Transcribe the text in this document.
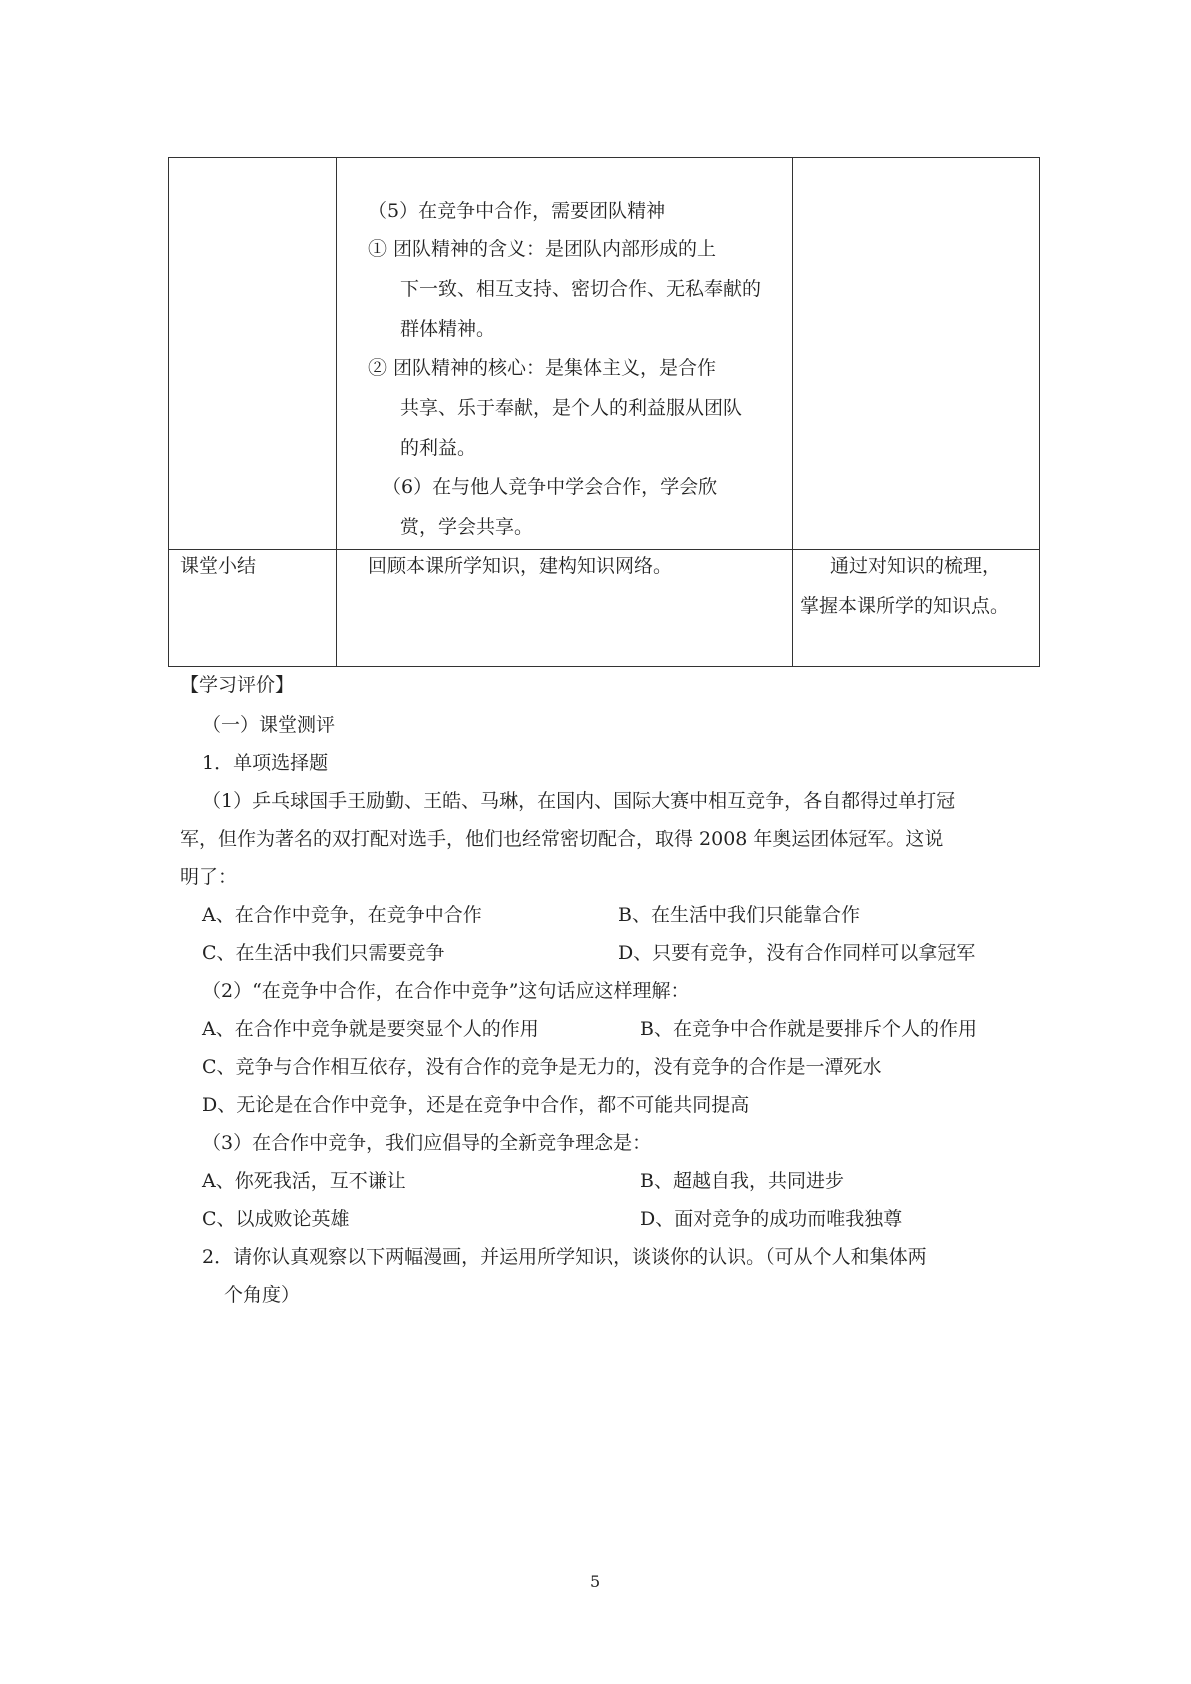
（5）在竞争中合作，需要团队精神
① 团队精神的含义：是团队内部形成的上
下一致、相互支持、密切合作、无私奉献的
群体精神。
② 团队精神的核心：是集体主义，是合作
共享、乐于奉献，是个人的利益服从团队
的利益。
（6）在与他人竞争中学会合作，学会欣
赏，学会共享。
课堂小结	回顾本课所学知识，建构知识网络。	通过对知识的梳理，
掌握本课所学的知识点。
【学习评价】
（一）课堂测评
1．单项选择题
（1）乒乓球国手王励勤、王皓、马琳，在国内、国际大赛中相互竞争，各自都得过单打冠
军，但作为著名的双打配对选手，他们也经常密切配合，取得 2008 年奥运团体冠军。这说
明了：
A、在合作中竞争，在竞争中合作	B、在生活中我们只能靠合作
C、在生活中我们只需要竞争	D、只要有竞争，没有合作同样可以拿冠军
（2）“在竞争中合作，在合作中竞争”这句话应这样理解：
A、在合作中竞争就是要突显个人的作用	B、在竞争中合作就是要排斥个人的作用
C、竞争与合作相互依存，没有合作的竞争是无力的，没有竞争的合作是一潭死水
D、无论是在合作中竞争，还是在竞争中合作，都不可能共同提高
（3）在合作中竞争，我们应倡导的全新竞争理念是：
A、你死我活，互不谦让	B、超越自我，共同进步
C、以成败论英雄	D、面对竞争的成功而唯我独尊
2．请你认真观察以下两幅漫画，并运用所学知识，谈谈你的认识。（可从个人和集体两
个角度）
5
